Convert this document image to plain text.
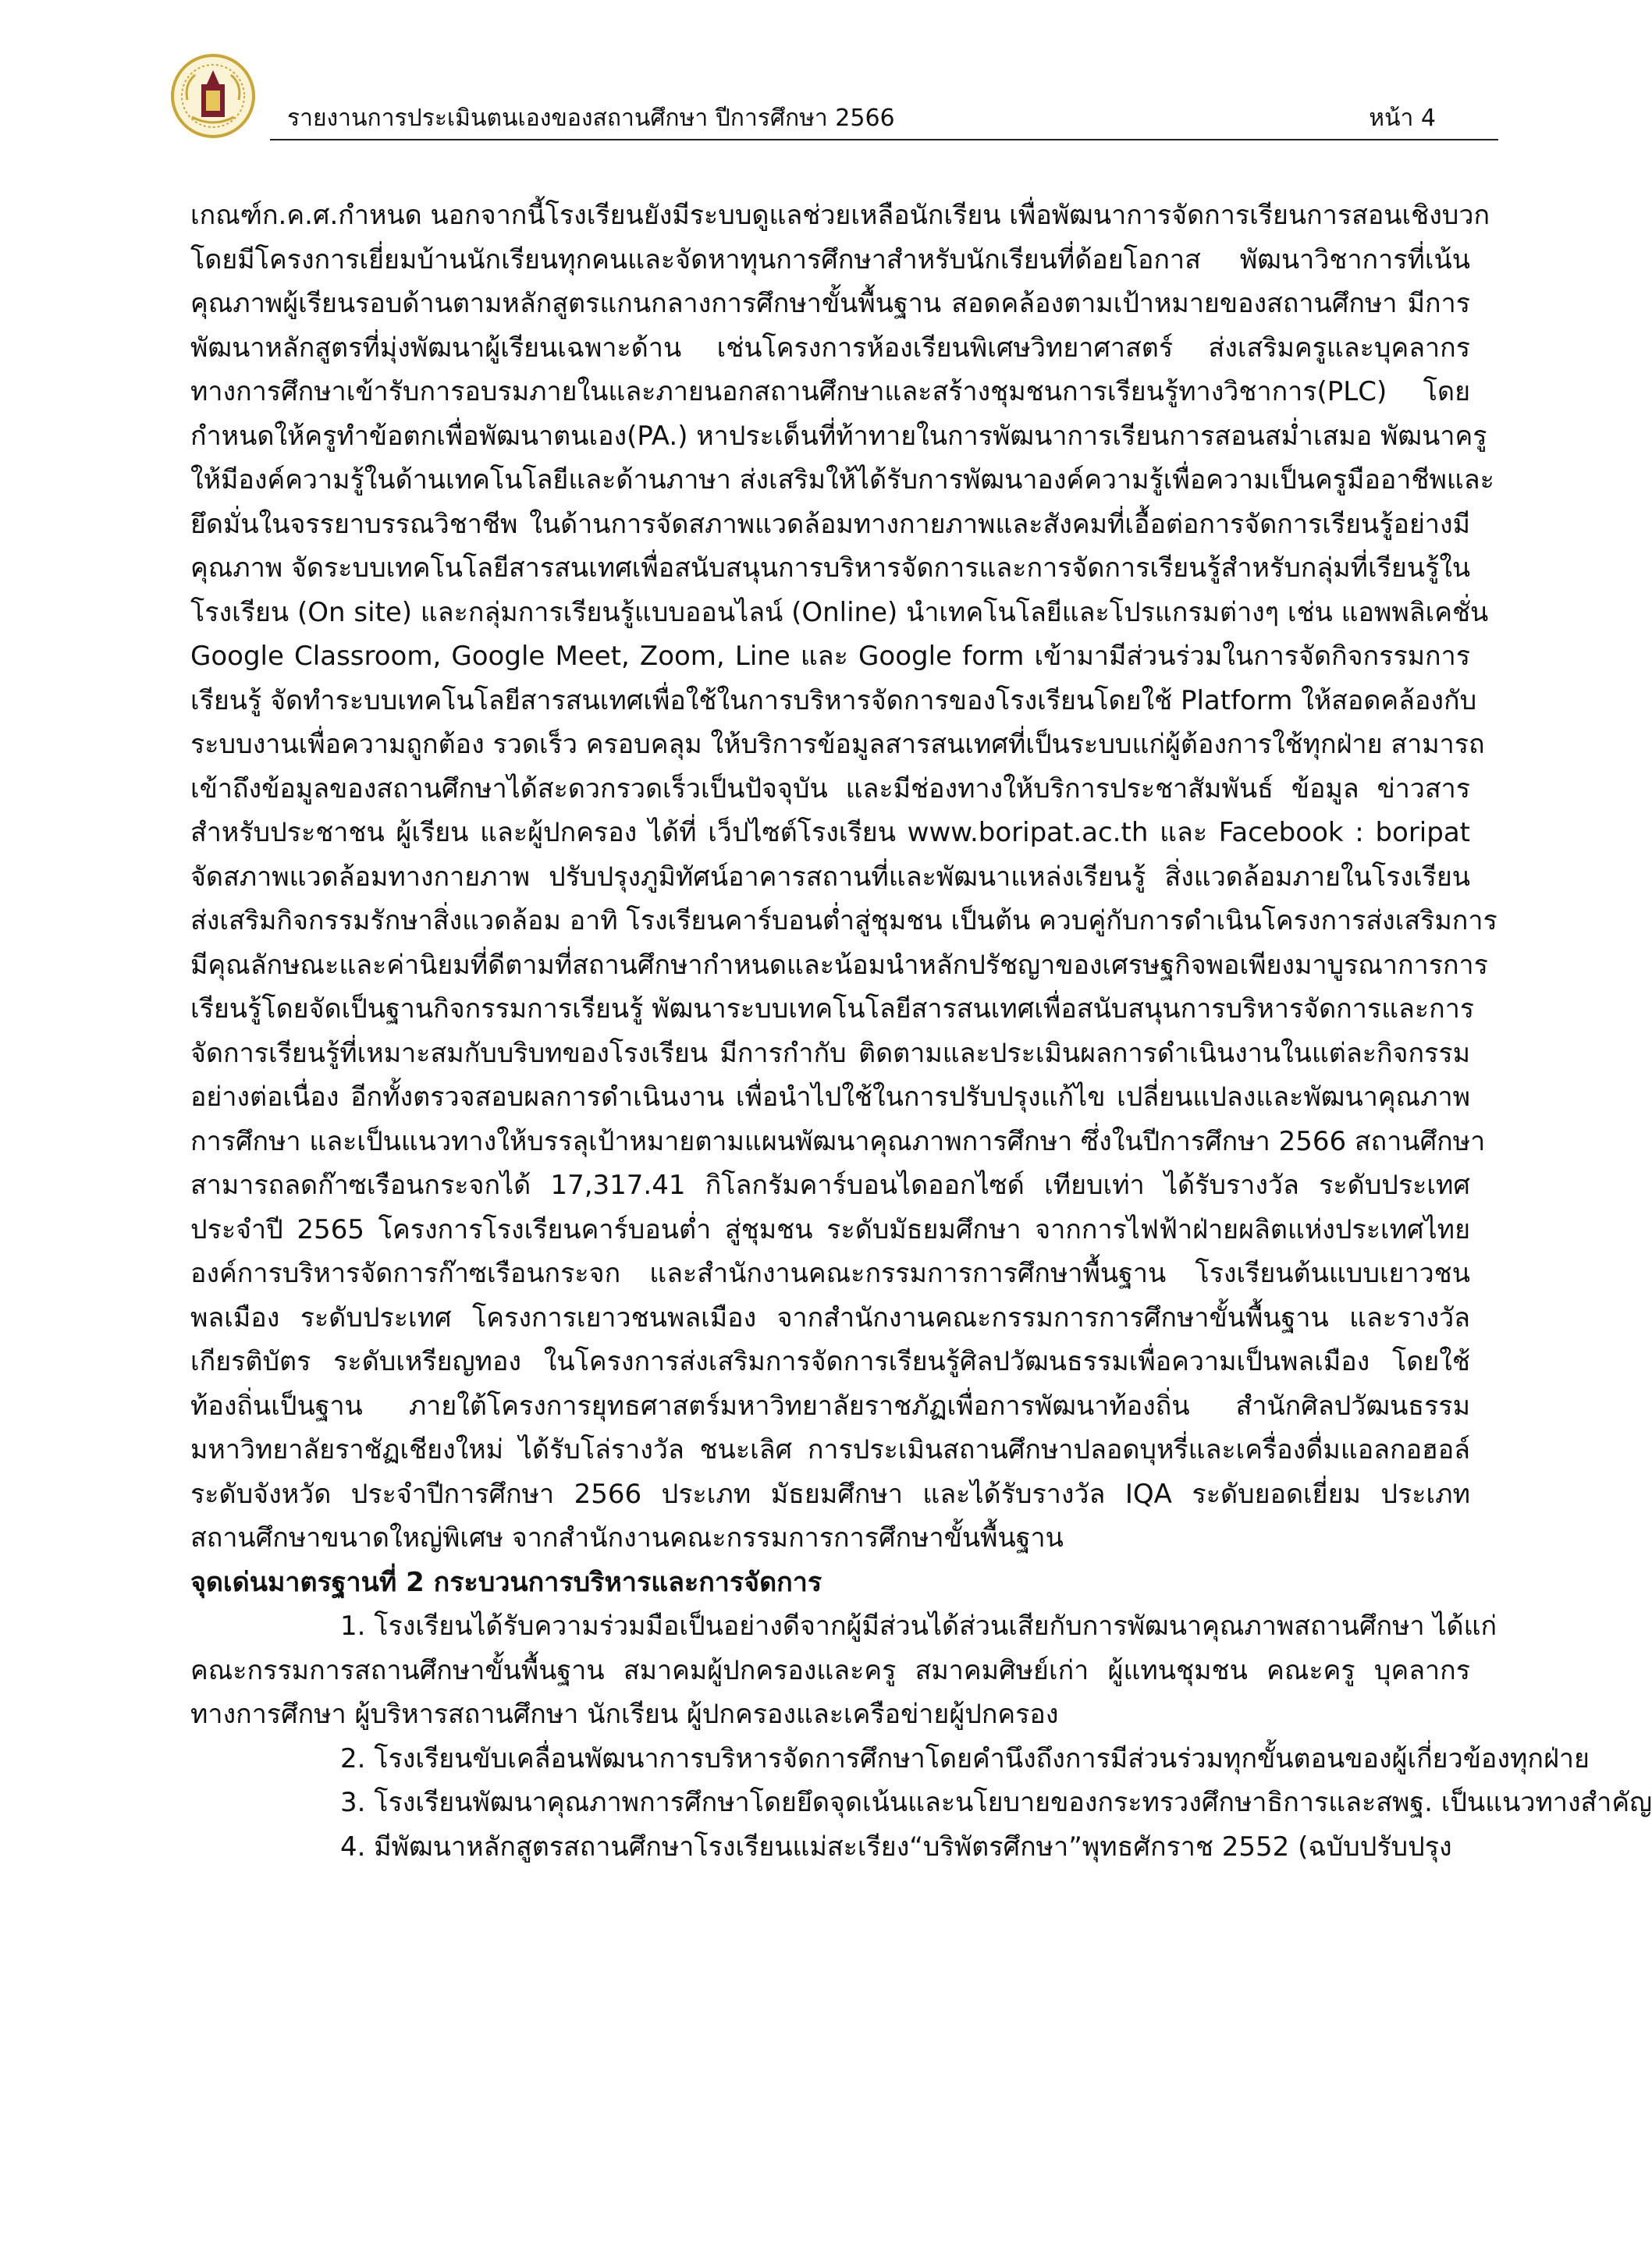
รายงานการประเมินตนเองของสถานศึกษา ปีการศึกษา 2566	หน้า 4
เกณฑ์ก.ค.ศ.กำหนด นอกจากนี้โรงเรียนยังมีระบบดูแลช่วยเหลือนักเรียน เพื่อพัฒนาการจัดการเรียนการสอนเชิงบวก
โดยมีโครงการเยี่ยมบ้านนักเรียนทุกคนและจัดหาทุนการศึกษาสำหรับนักเรียนที่ด้อยโอกาส พัฒนาวิชาการที่เน้น
คุณภาพผู้เรียนรอบด้านตามหลักสูตรแกนกลางการศึกษาขั้นพื้นฐาน สอดคล้องตามเป้าหมายของสถานศึกษา มีการ
พัฒนาหลักสูตรที่มุ่งพัฒนาผู้เรียนเฉพาะด้าน เช่นโครงการห้องเรียนพิเศษวิทยาศาสตร์ ส่งเสริมครูและบุคลากร
ทางการศึกษาเข้ารับการอบรมภายในและภายนอกสถานศึกษาและสร้างชุมชนการเรียนรู้ทางวิชาการ(PLC) โดย
กำหนดให้ครูทำข้อตกเพื่อพัฒนาตนเอง(PA.) หาประเด็นที่ท้าทายในการพัฒนาการเรียนการสอนสม่ำเสมอ พัฒนาครู
ให้มีองค์ความรู้ในด้านเทคโนโลยีและด้านภาษา ส่งเสริมให้ได้รับการพัฒนาองค์ความรู้เพื่อความเป็นครูมืออาชีพและ
ยึดมั่นในจรรยาบรรณวิชาชีพ ในด้านการจัดสภาพแวดล้อมทางกายภาพและสังคมที่เอื้อต่อการจัดการเรียนรู้อย่างมี
คุณภาพ จัดระบบเทคโนโลยีสารสนเทศเพื่อสนับสนุนการบริหารจัดการและการจัดการเรียนรู้สำหรับกลุ่มที่เรียนรู้ใน
โรงเรียน (On site) และกลุ่มการเรียนรู้แบบออนไลน์ (Online) นำเทคโนโลยีและโปรแกรมต่างๆ เช่น แอพพลิเคชั่น
Google Classroom, Google Meet, Zoom, Line และ Google form เข้ามามีส่วนร่วมในการจัดกิจกรรมการ
เรียนรู้ จัดทำระบบเทคโนโลยีสารสนเทศเพื่อใช้ในการบริหารจัดการของโรงเรียนโดยใช้ Platform ให้สอดคล้องกับ
ระบบงานเพื่อความถูกต้อง รวดเร็ว ครอบคลุม ให้บริการข้อมูลสารสนเทศที่เป็นระบบแก่ผู้ต้องการใช้ทุกฝ่าย สามารถ
เข้าถึงข้อมูลของสถานศึกษาได้สะดวกรวดเร็วเป็นปัจจุบัน และมีช่องทางให้บริการประชาสัมพันธ์ ข้อมูล ข่าวสาร
สำหรับประชาชน ผู้เรียน และผู้ปกครอง ได้ที่ เว็ปไซต์โรงเรียน www.boripat.ac.th และ Facebook : boripat
จัดสภาพแวดล้อมทางกายภาพ ปรับปรุงภูมิทัศน์อาคารสถานที่และพัฒนาแหล่งเรียนรู้ สิ่งแวดล้อมภายในโรงเรียน
ส่งเสริมกิจกรรมรักษาสิ่งแวดล้อม อาทิ โรงเรียนคาร์บอนต่ำสู่ชุมชน เป็นต้น ควบคู่กับการดำเนินโครงการส่งเสริมการ
มีคุณลักษณะและค่านิยมที่ดีตามที่สถานศึกษากำหนดและน้อมนำหลักปรัชญาของเศรษฐกิจพอเพียงมาบูรณาการการ
เรียนรู้โดยจัดเป็นฐานกิจกรรมการเรียนรู้ พัฒนาระบบเทคโนโลยีสารสนเทศเพื่อสนับสนุนการบริหารจัดการและการ
จัดการเรียนรู้ที่เหมาะสมกับบริบทของโรงเรียน มีการกำกับ ติดตามและประเมินผลการดำเนินงานในแต่ละกิจกรรม
อย่างต่อเนื่อง อีกทั้งตรวจสอบผลการดำเนินงาน เพื่อนำไปใช้ในการปรับปรุงแก้ไข เปลี่ยนแปลงและพัฒนาคุณภาพ
การศึกษา และเป็นแนวทางให้บรรลุเป้าหมายตามแผนพัฒนาคุณภาพการศึกษา ซึ่งในปีการศึกษา 2566 สถานศึกษา
สามารถลดก๊าซเรือนกระจกได้ 17,317.41 กิโลกรัมคาร์บอนไดออกไซด์ เทียบเท่า ได้รับรางวัล ระดับประเทศ
ประจำปี 2565 โครงการโรงเรียนคาร์บอนต่ำ สู่ชุมชน ระดับมัธยมศึกษา จากการไฟฟ้าฝ่ายผลิตแห่งประเทศไทย
องค์การบริหารจัดการก๊าซเรือนกระจก และสำนักงานคณะกรรมการการศึกษาพื้นฐาน โรงเรียนต้นแบบเยาวชน
พลเมือง ระดับประเทศ โครงการเยาวชนพลเมือง จากสำนักงานคณะกรรมการการศึกษาขั้นพื้นฐาน และรางวัล
เกียรติบัตร ระดับเหรียญทอง ในโครงการส่งเสริมการจัดการเรียนรู้ศิลปวัฒนธรรมเพื่อความเป็นพลเมือง โดยใช้
ท้องถิ่นเป็นฐาน ภายใต้โครงการยุทธศาสตร์มหาวิทยาลัยราชภัฏเพื่อการพัฒนาท้องถิ่น สำนักศิลปวัฒนธรรม
มหาวิทยาลัยราชัฏเชียงใหม่ ได้รับโล่รางวัล ชนะเลิศ การประเมินสถานศึกษาปลอดบุหรี่และเครื่องดื่มแอลกอฮอล์
ระดับจังหวัด ประจำปีการศึกษา 2566 ประเภท มัธยมศึกษา และได้รับรางวัล IQA ระดับยอดเยี่ยม ประเภท
สถานศึกษาขนาดใหญ่พิเศษ จากสำนักงานคณะกรรมการการศึกษาขั้นพื้นฐาน
จุดเด่นมาตรฐานที่ 2 กระบวนการบริหารและการจัดการ
1. โรงเรียนได้รับความร่วมมือเป็นอย่างดีจากผู้มีส่วนได้ส่วนเสียกับการพัฒนาคุณภาพสถานศึกษา ได้แก่
คณะกรรมการสถานศึกษาขั้นพื้นฐาน สมาคมผู้ปกครองและครู สมาคมศิษย์เก่า ผู้แทนชุมชน คณะครู บุคลากร
ทางการศึกษา ผู้บริหารสถานศึกษา นักเรียน ผู้ปกครองและเครือข่ายผู้ปกครอง
2. โรงเรียนขับเคลื่อนพัฒนาการบริหารจัดการศึกษาโดยคำนึงถึงการมีส่วนร่วมทุกขั้นตอนของผู้เกี่ยวข้องทุกฝ่าย
3. โรงเรียนพัฒนาคุณภาพการศึกษาโดยยึดจุดเน้นและนโยบายของกระทรวงศึกษาธิการและสพฐ. เป็นแนวทางสำคัญ
4. มีพัฒนาหลักสูตรสถานศึกษาโรงเรียนแม่สะเรียง“บริพัตรศึกษา”พุทธศักราช 2552 (ฉบับปรับปรุง
